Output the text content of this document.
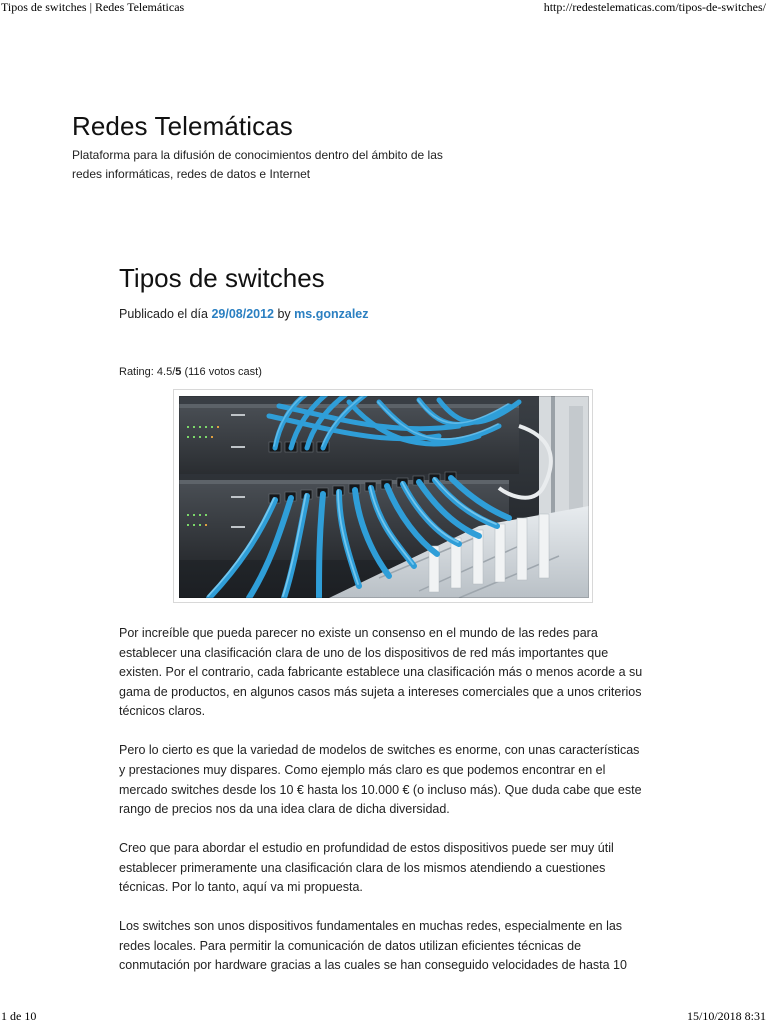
Tipos de switches | Redes Telemáticas	http://redestelematicas.com/tipos-de-switches/
Redes Telemáticas

Plataforma para la difusión de conocimientos dentro del ámbito de las redes informáticas, redes de datos e Internet

Tipos de switches
Publicado el día 29/08/2012 by ms.gonzalez
Rating: 4.5/5 (116 votos cast)

Por increíble que pueda parecer no existe un consenso en el mundo de las redes para establecer una clasificación clara de uno de los dispositivos de red más importantes que existen. Por el contrario, cada fabricante establece una clasificación más o menos acorde a su gama de productos, en algunos casos más sujeta a intereses comerciales que a unos criterios técnicos claros.

Pero lo cierto es que la variedad de modelos de switches es enorme, con unas características y prestaciones muy dispares. Como ejemplo más claro es que podemos encontrar en el mercado switches desde los 10 € hasta los 10.000 € (o incluso más). Que duda cabe que este rango de precios nos da una idea clara de dicha diversidad.

Creo que para abordar el estudio en profundidad de estos dispositivos puede ser muy útil establecer primeramente una clasificación clara de los mismos atendiendo a cuestiones técnicas. Por lo tanto, aquí va mi propuesta.

Los switches son unos dispositivos fundamentales en muchas redes, especialmente en las redes locales. Para permitir la comunicación de datos utilizan eficientes técnicas de conmutación por hardware gracias a las cuales se han conseguido velocidades de hasta 10

1 de 10	15/10/2018 8:31
